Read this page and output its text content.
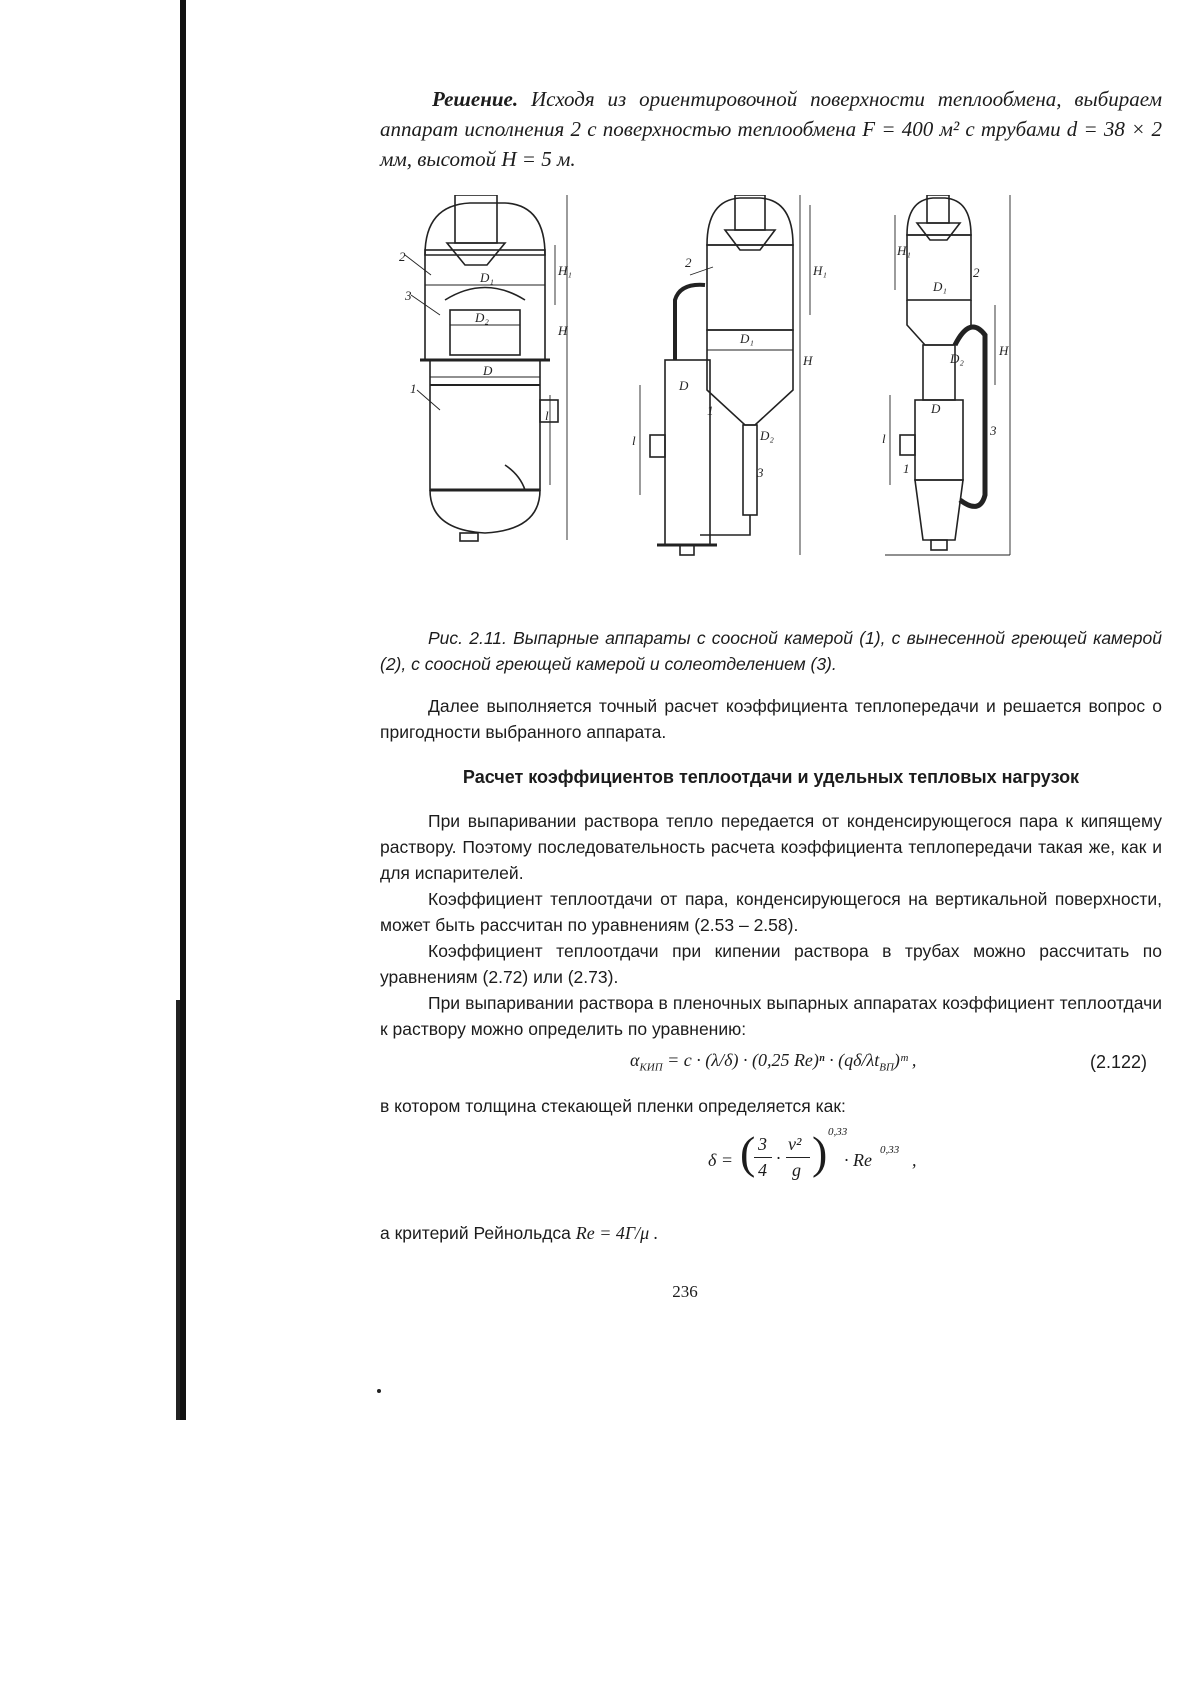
Решение. Исходя из ориентировочной поверхности теплообмена, выбираем аппарат исполнения 2 с поверхностью теплообмена F = 400 м² с трубами d = 38 × 2 мм, высотой H = 5 м.
2
3
1
D₁
D₂
D
H
H₁
l
2
1
3
D₁
D₂
D
H
H₁
l
2
1
3
D₁
D₂
D
H
H₁
l
Рис. 2.11. Выпарные аппараты с соосной камерой (1), с вынесенной греющей камерой (2), с соосной греющей камерой и солеотделением (3).
Далее выполняется точный расчет коэффициента теплопередачи и решается вопрос о пригодности выбранного аппарата.
Расчет коэффициентов теплоотдачи и удельных тепловых нагрузок
При выпаривании раствора тепло передается от конденсирующегося пара к кипящему раствору. Поэтому последовательность расчета коэффициента теплопередачи такая же, как и для испарителей.
Коэффициент теплоотдачи от пара, конденсирующегося на вертикальной поверхности, может быть рассчитан по уравнениям (2.53 – 2.58).
Коэффициент теплоотдачи при кипении раствора в трубах можно рассчитать по уравнениям (2.72) или (2.73).
При выпаривании раствора в пленочных выпарных аппаратах коэффициент теплоотдачи к раствору можно определить по уравнению:
$\alpha_{КИП} = c \cdot (\lambda/\delta) \cdot (0,25$ $Re)^n \cdot (q\delta/\lambda t_{ВП})ᵐ$ ,	(2.122)
в котором толщина стекающей пленки определяется как:
δ = ( 3
4
·
ν²
g ) 0,33
· Re 0,33 ,
а критерий Рейнольдса Re = 4Γ/μ .
236
